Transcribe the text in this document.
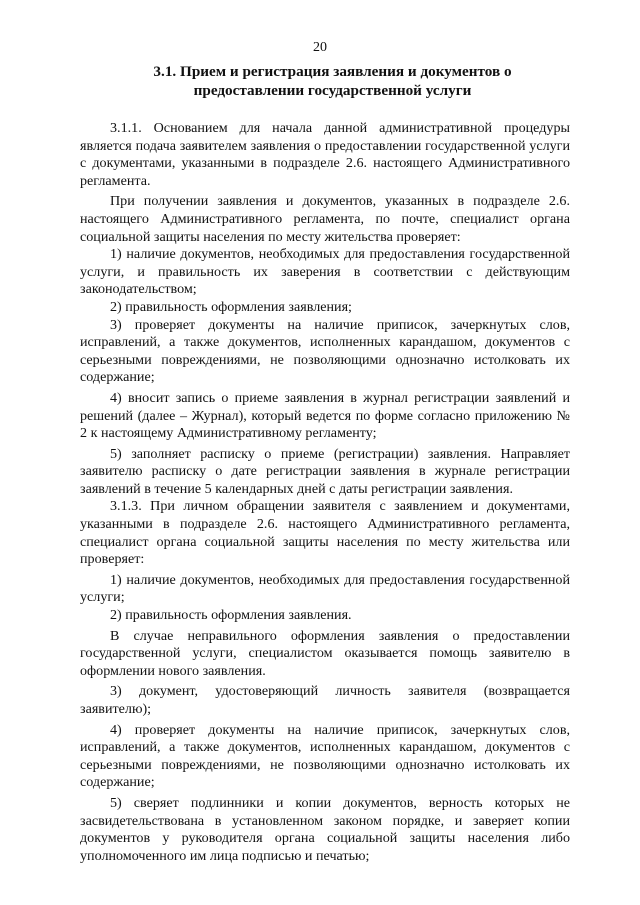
20
3.1. Прием и регистрация заявления и документов о
предоставлении государственной услуги

3.1.1. Основанием для начала данной административной процедуры является подача заявителем заявления о предоставлении государственной услуги с документами, указанными в подразделе 2.6. настоящего Административного регламента.

При получении заявления и документов, указанных в подразделе 2.6. настоящего Административного регламента, по почте, специалист органа социальной защиты населения по месту жительства проверяет:

1) наличие документов, необходимых для предоставления государственной услуги, и правильность их заверения в соответствии с действующим законодательством;

2) правильность оформления заявления;

3) проверяет документы на наличие приписок, зачеркнутых слов, исправлений, а также документов, исполненных карандашом, документов с серьезными повреждениями, не позволяющими однозначно истолковать их содержание;

4) вносит запись о приеме заявления в журнал регистрации заявлений и решений (далее – Журнал), который ведется по форме согласно приложению № 2 к настоящему Административному регламенту;

5) заполняет расписку о приеме (регистрации) заявления. Направляет заявителю расписку о дате регистрации заявления в журнале регистрации заявлений в течение 5 календарных дней с даты регистрации заявления.

3.1.3. При личном обращении заявителя с заявлением и документами, указанными в подразделе 2.6. настоящего Административного регламента, специалист органа социальной защиты населения по месту жительства или проверяет:

1) наличие документов, необходимых для предоставления государственной услуги;

2) правильность оформления заявления.

В случае неправильного оформления заявления о предоставлении государственной услуги, специалистом оказывается помощь заявителю в оформлении нового заявления.

3) документ, удостоверяющий личность заявителя (возвращается заявителю);

4) проверяет документы на наличие приписок, зачеркнутых слов, исправлений, а также документов, исполненных карандашом, документов с серьезными повреждениями, не позволяющими однозначно истолковать их содержание;

5) сверяет подлинники и копии документов, верность которых не засвидетельствована в установленном законом порядке, и заверяет копии документов у руководителя органа социальной защиты населения либо уполномоченного им лица подписью и печатью;
